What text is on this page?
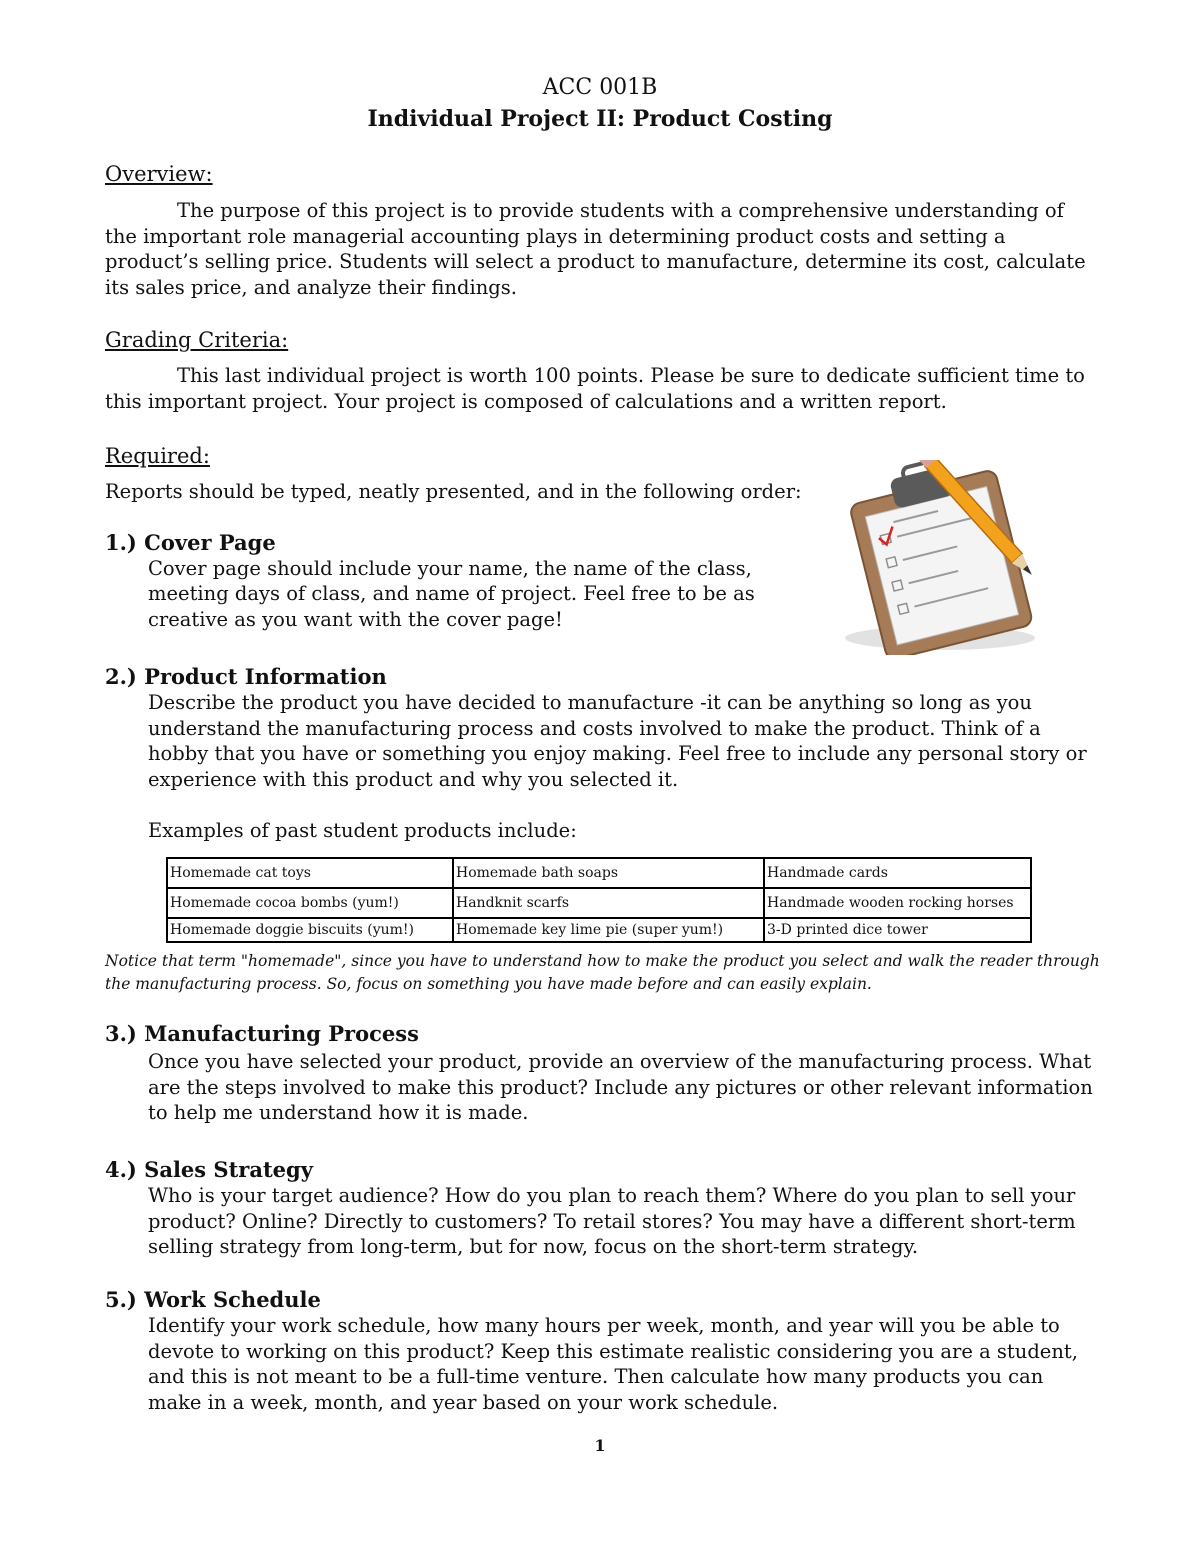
ACC 001B
Individual Project II: Product Costing
Overview:

The purpose of this project is to provide students with a comprehensive understanding of the important role managerial accounting plays in determining product costs and setting a product’s selling price. Students will select a product to manufacture, determine its cost, calculate its sales price, and analyze their findings.

Grading Criteria:

This last individual project is worth 100 points. Please be sure to dedicate sufficient time to this important project. Your project is composed of calculations and a written report.

Required:
Reports should be typed, neatly presented, and in the following order:
1.) Cover Page
Cover page should include your name, the name of the class,
meeting days of class, and name of project. Feel free to be as
creative as you want with the cover page!
2.) Product Information

Describe the product you have decided to manufacture -it can be anything so long as you understand the manufacturing process and costs involved to make the product. Think of a hobby that you have or something you enjoy making. Feel free to include any personal story or experience with this product and why you selected it.

Examples of past student products include:
Homemade cat toys	Homemade bath soaps	Handmade cards
Homemade cocoa bombs (yum!)	Handknit scarfs	Handmade wooden rocking horses
Homemade doggie biscuits (yum!)	Homemade key lime pie (super yum!)	3-D printed dice tower

Notice that term "homemade", since you have to understand how to make the product you select and walk the reader through the manufacturing process. So, focus on something you have made before and can easily explain.

3.) Manufacturing Process

Once you have selected your product, provide an overview of the manufacturing process. What are the steps involved to make this product? Include any pictures or other relevant information to help me understand how it is made.

4.) Sales Strategy

Who is your target audience? How do you plan to reach them? Where do you plan to sell your product? Online? Directly to customers? To retail stores? You may have a different short-term selling strategy from long-term, but for now, focus on the short-term strategy.

5.) Work Schedule

Identify your work schedule, how many hours per week, month, and year will you be able to devote to working on this product? Keep this estimate realistic considering you are a student, and this is not meant to be a full-time venture. Then calculate how many products you can make in a week, month, and year based on your work schedule.

1
